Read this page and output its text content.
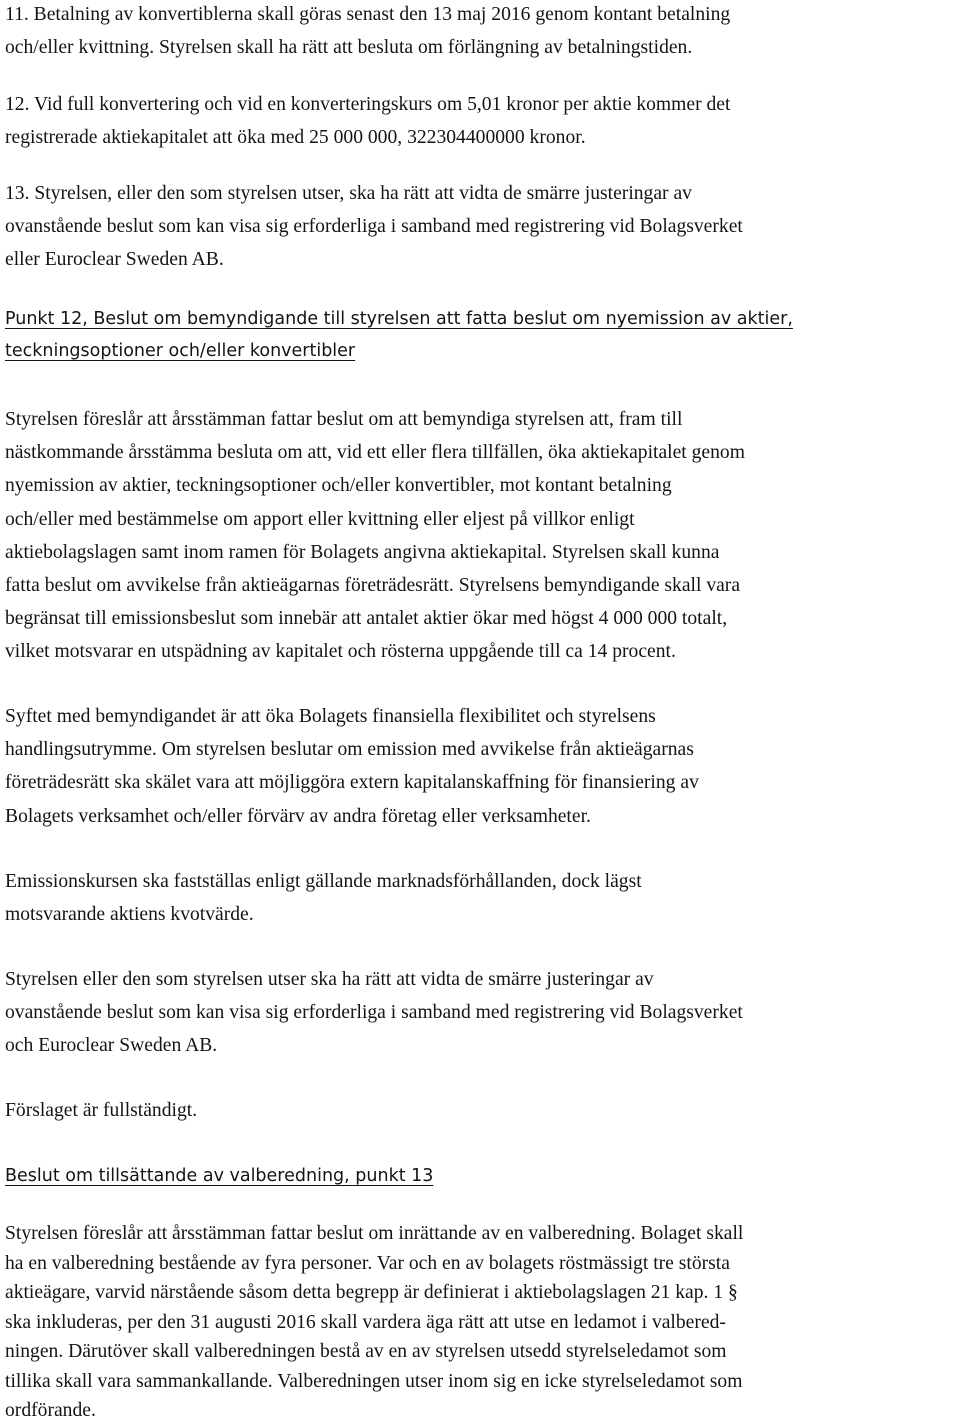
11. Betalning av konvertiblerna skall göras senast den 13 maj 2016 genom kontant betalning
och/eller kvittning. Styrelsen skall ha rätt att besluta om förlängning av betalningstiden.
12. Vid full konvertering och vid en konverteringskurs om 5,01 kronor per aktie kommer det
registrerade aktiekapitalet att öka med 25 000 000, 322304400000 kronor.
13. Styrelsen, eller den som styrelsen utser, ska ha rätt att vidta de smärre justeringar av
ovanstående beslut som kan visa sig erforderliga i samband med registrering vid Bolagsverket
eller Euroclear Sweden AB.
Punkt 12, Beslut om bemyndigande till styrelsen att fatta beslut om nyemission av aktier,
teckningsoptioner och/eller konvertibler
Styrelsen föreslår att årsstämman fattar beslut om att bemyndiga styrelsen att, fram till
nästkommande årsstämma besluta om att, vid ett eller flera tillfällen, öka aktiekapitalet genom
nyemission av aktier, teckningsoptioner och/eller konvertibler, mot kontant betalning
och/eller med bestämmelse om apport eller kvittning eller eljest på villkor enligt
aktiebolagslagen samt inom ramen för Bolagets angivna aktiekapital. Styrelsen skall kunna
fatta beslut om avvikelse från aktieägarnas företrädesrätt. Styrelsens bemyndigande skall vara
begränsat till emissionsbeslut som innebär att antalet aktier ökar med högst 4 000 000 totalt,
vilket motsvarar en utspädning av kapitalet och rösterna uppgående till ca 14 procent.
Syftet med bemyndigandet är att öka Bolagets finansiella flexibilitet och styrelsens
handlingsutrymme. Om styrelsen beslutar om emission med avvikelse från aktieägarnas
företrädesrätt ska skälet vara att möjliggöra extern kapitalanskaffning för finansiering av
Bolagets verksamhet och/eller förvärv av andra företag eller verksamheter.
Emissionskursen ska fastställas enligt gällande marknadsförhållanden, dock lägst
motsvarande aktiens kvotvärde.
Styrelsen eller den som styrelsen utser ska ha rätt att vidta de smärre justeringar av
ovanstående beslut som kan visa sig erforderliga i samband med registrering vid Bolagsverket
och Euroclear Sweden AB.
Förslaget är fullständigt.
Beslut om tillsättande av valberedning, punkt 13
Styrelsen föreslår att årsstämman fattar beslut om inrättande av en valberedning. Bolaget skall
ha en valberedning bestående av fyra personer. Var och en av bolagets röstmässigt tre största
aktieägare, varvid närstående såsom detta begrepp är definierat i aktiebolagslagen 21 kap. 1 §
ska inkluderas, per den 31 augusti 2016 skall vardera äga rätt att utse en ledamot i valbered-
ningen. Därutöver skall valberedningen bestå av en av styrelsen utsedd styrelseledamot som
tillika skall vara sammankallande. Valberedningen utser inom sig en icke styrelseledamot som
ordförande.
